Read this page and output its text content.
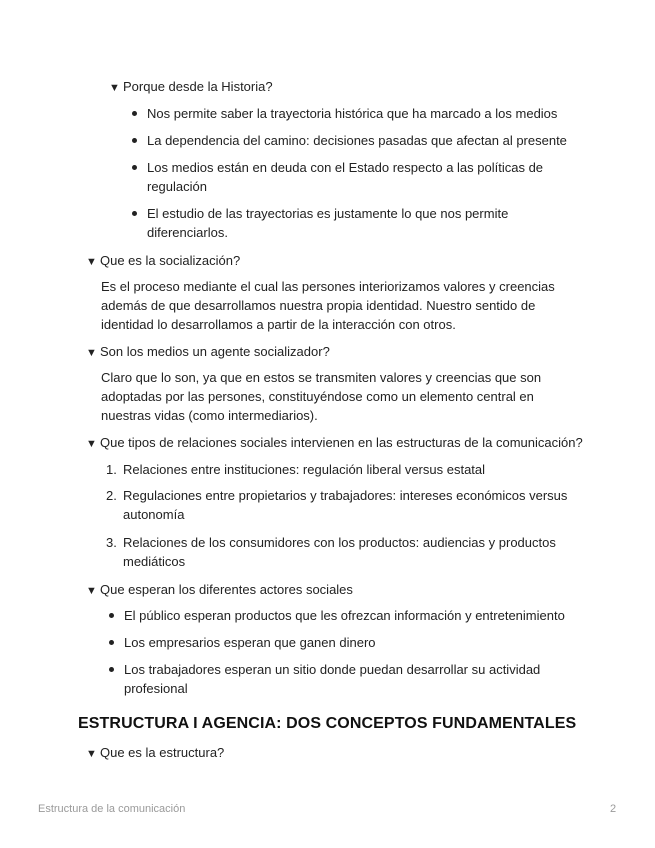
▼ Porque desde la Historia?
Nos permite saber la trayectoria histórica que ha marcado a los medios
La dependencia del camino: decisiones pasadas que afectan al presente
Los medios están en deuda con el Estado respecto a las políticas de regulación
El estudio de las trayectorias es justamente lo que nos permite diferenciarlos.
▼ Que es la socialización?
Es el proceso mediante el cual las persones interiorizamos valores y creencias además de que desarrollamos nuestra propia identidad. Nuestro sentido de identidad lo desarrollamos a partir de la interacción con otros.
▼ Son los medios un agente socializador?
Claro que lo son, ya que en estos se transmiten valores y creencias que son adoptadas por las persones, constituyéndose como un elemento central en nuestras vidas (como intermediarios).
▼ Que tipos de relaciones sociales intervienen en las estructuras de la comunicación?
1. Relaciones entre instituciones: regulación liberal versus estatal
2. Regulaciones entre propietarios y trabajadores: intereses económicos versus autonomía
3. Relaciones de los consumidores con los productos: audiencias y productos mediáticos
▼ Que esperan los diferentes actores sociales
El público esperan productos que les ofrezcan información y entretenimiento
Los empresarios esperan que ganen dinero
Los trabajadores esperan un sitio donde puedan desarrollar su actividad profesional
ESTRUCTURA I AGENCIA: DOS CONCEPTOS FUNDAMENTALES
▼ Que es la estructura?
Estructura de la comunicación	2
